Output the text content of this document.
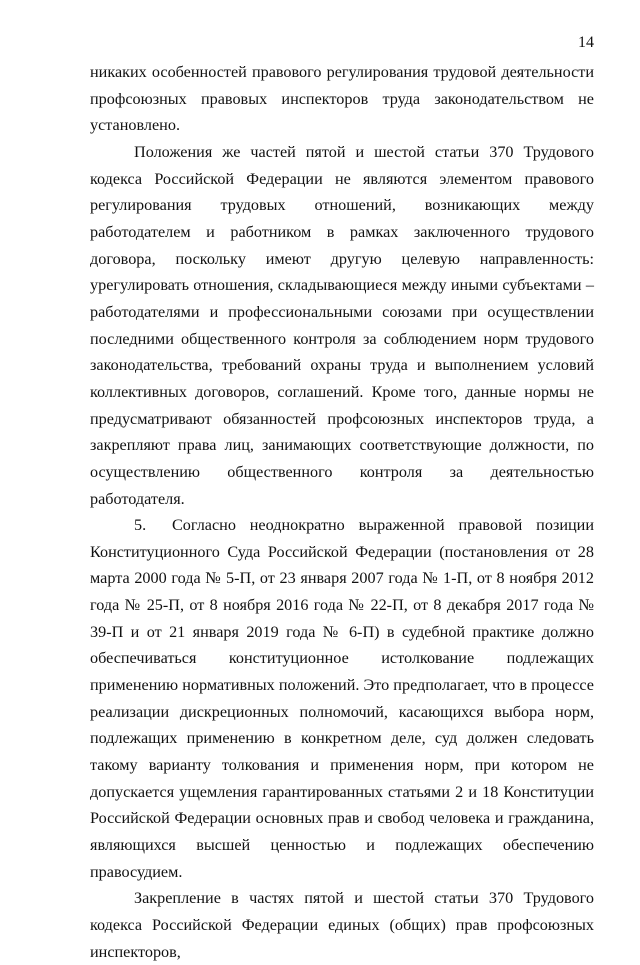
14

никаких особенностей правового регулирования трудовой деятельности профсоюзных правовых инспекторов труда законодательством не установлено.

Положения же частей пятой и шестой статьи 370 Трудового кодекса Российской Федерации не являются элементом правового регулирования трудовых отношений, возникающих между работодателем и работником в рамках заключенного трудового договора, поскольку имеют другую целевую направленность: урегулировать отношения, складывающиеся между иными субъектами – работодателями и профессиональными союзами при осуществлении последними общественного контроля за соблюдением норм трудового законодательства, требований охраны труда и выполнением условий коллективных договоров, соглашений. Кроме того, данные нормы не предусматривают обязанностей профсоюзных инспекторов труда, а закрепляют права лиц, занимающих соответствующие должности, по осуществлению общественного контроля за деятельностью работодателя.

5. Согласно неоднократно выраженной правовой позиции Конституционного Суда Российской Федерации (постановления от 28 марта 2000 года № 5-П, от 23 января 2007 года № 1-П, от 8 ноября 2012 года № 25-П, от 8 ноября 2016 года № 22-П, от 8 декабря 2017 года № 39-П и от 21 января 2019 года № 6-П) в судебной практике должно обеспечиваться конституционное истолкование подлежащих применению нормативных положений. Это предполагает, что в процессе реализации дискреционных полномочий, касающихся выбора норм, подлежащих применению в конкретном деле, суд должен следовать такому варианту толкования и применения норм, при котором не допускается ущемления гарантированных статьями 2 и 18 Конституции Российской Федерации основных прав и свобод человека и гражданина, являющихся высшей ценностью и подлежащих обеспечению правосудием.

Закрепление в частях пятой и шестой статьи 370 Трудового кодекса Российской Федерации единых (общих) прав профсоюзных инспекторов,
